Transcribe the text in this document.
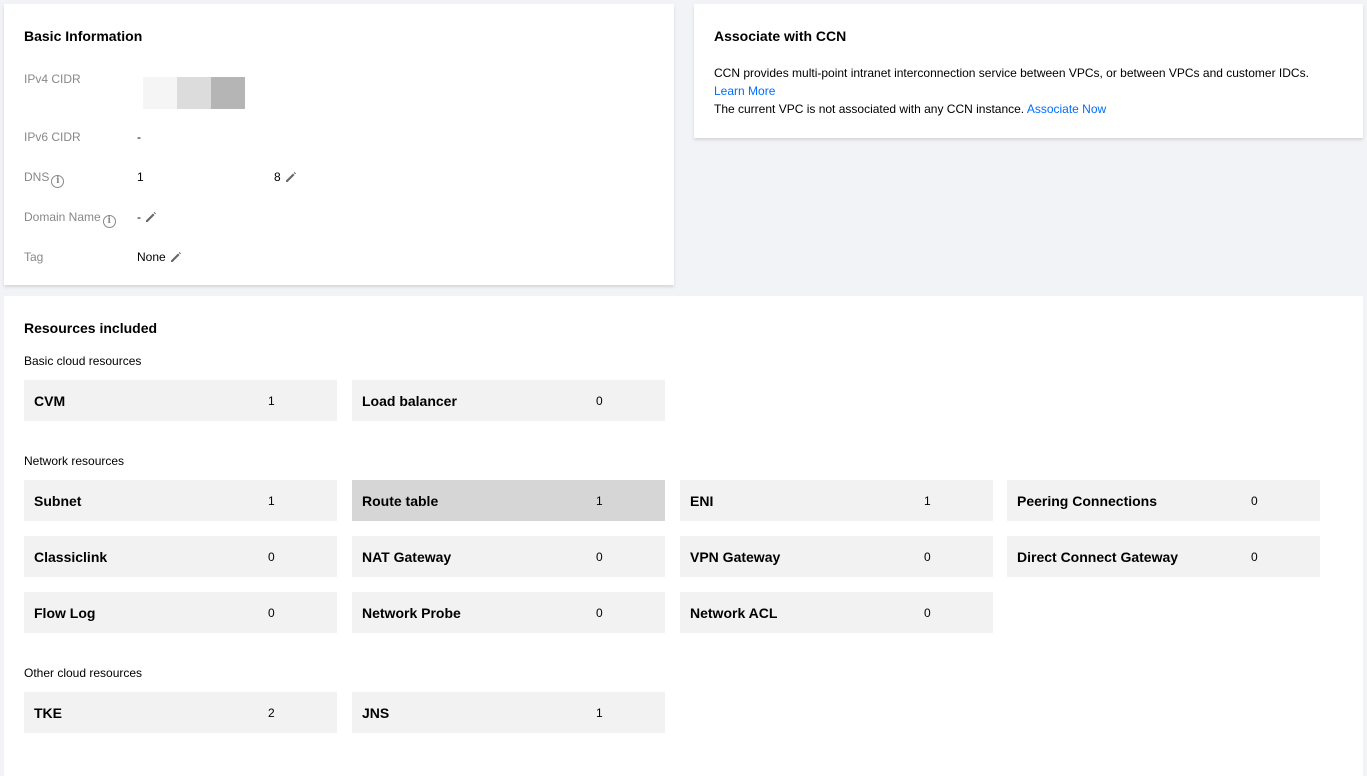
Basic Information
IPv4 CIDR
IPv6 CIDR	-
DNS i	1	8
Domain Name i	-
Tag	None
Associate with CCN
CCN provides multi-point intranet interconnection service between VPCs, or between VPCs and customer IDCs.
Learn More
The current VPC is not associated with any CCN instance. Associate Now
Resources included
Basic cloud resources
CVM	1	Load balancer	0
Network resources
Subnet	1	Route table	1	ENI	1	Peering Connections	0
Classiclink	0	NAT Gateway	0	VPN Gateway	0	Direct Connect Gateway	0
Flow Log	0	Network Probe	0	Network ACL	0
Other cloud resources
TKE	2	JNS	1
